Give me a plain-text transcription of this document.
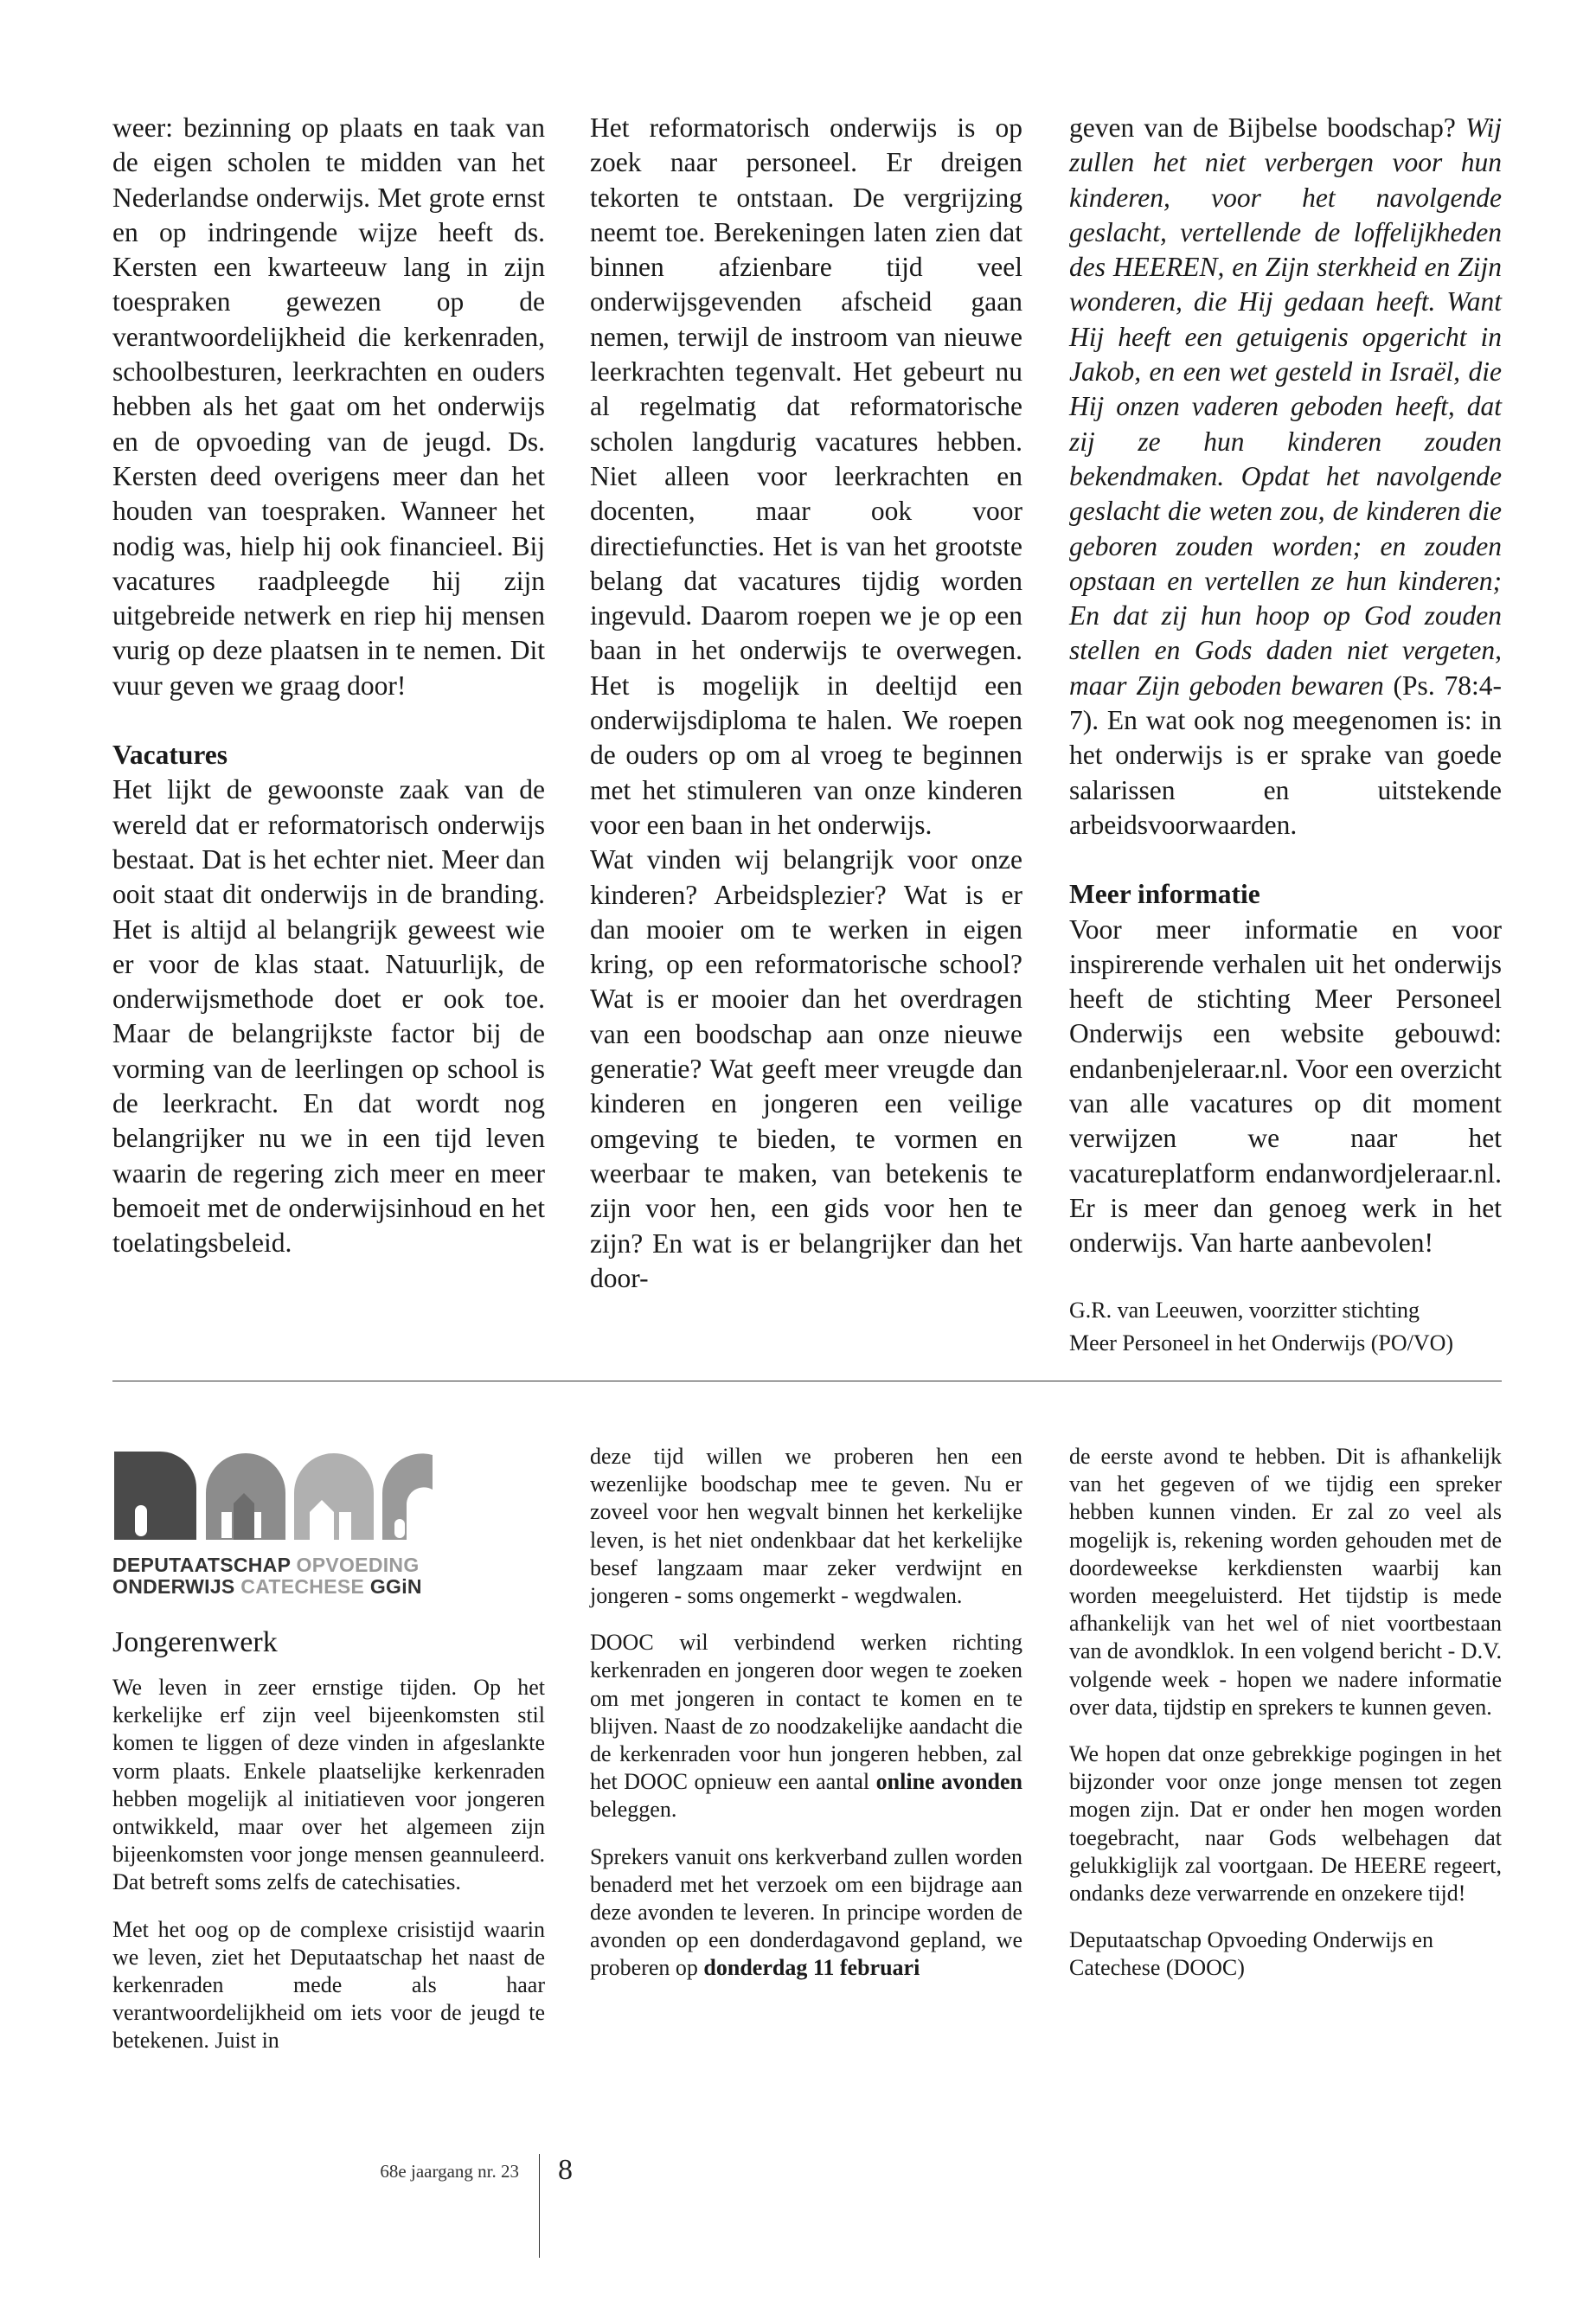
weer: bezinning op plaats en taak van de eigen scholen te midden van het Nederlandse onderwijs. Met grote ernst en op indringende wijze heeft ds. Kersten een kwarteeuw lang in zijn toespraken gewezen op de verantwoordelijkheid die kerkenraden, schoolbesturen, leerkrachten en ouders hebben als het gaat om het onderwijs en de opvoeding van de jeugd. Ds. Kersten deed overigens meer dan het houden van toespraken. Wanneer het nodig was, hielp hij ook financieel. Bij vacatures raadpleegde hij zijn uitgebreide netwerk en riep hij mensen vurig op deze plaatsen in te nemen. Dit vuur geven we graag door!

Vacatures

Het lijkt de gewoonste zaak van de wereld dat er reformatorisch onderwijs bestaat. Dat is het echter niet. Meer dan ooit staat dit onderwijs in de branding. Het is altijd al belangrijk geweest wie er voor de klas staat. Natuurlijk, de onderwijsmethode doet er ook toe. Maar de belangrijkste factor bij de vorming van de leerlingen op school is de leerkracht. En dat wordt nog belangrijker nu we in een tijd leven waarin de regering zich meer en meer bemoeit met de onderwijsinhoud en het toelatingsbeleid.

Het reformatorisch onderwijs is op zoek naar personeel. Er dreigen tekorten te ontstaan. De vergrijzing neemt toe. Berekeningen laten zien dat binnen afzienbare tijd veel onderwijsgevenden afscheid gaan nemen, terwijl de instroom van nieuwe leerkrachten tegenvalt. Het gebeurt nu al regelmatig dat reformatorische scholen langdurig vacatures hebben. Niet alleen voor leerkrachten en docenten, maar ook voor directiefuncties. Het is van het grootste belang dat vacatures tijdig worden ingevuld. Daarom roepen we je op een baan in het onderwijs te overwegen. Het is mogelijk in deeltijd een onderwijsdiploma te halen. We roepen de ouders op om al vroeg te beginnen met het stimuleren van onze kinderen voor een baan in het onderwijs.

Wat vinden wij belangrijk voor onze kinderen? Arbeidsplezier? Wat is er dan mooier om te werken in eigen kring, op een reformatorische school? Wat is er mooier dan het overdragen van een boodschap aan onze nieuwe generatie? Wat geeft meer vreugde dan kinderen en jongeren een veilige omgeving te bieden, te vormen en weerbaar te maken, van betekenis te zijn voor hen, een gids voor hen te zijn? En wat is er belangrijker dan het door-

geven van de Bijbelse boodschap? Wij zullen het niet verbergen voor hun kinderen, voor het navolgende geslacht, vertellende de loffelijkheden des HEEREN, en Zijn sterkheid en Zijn wonderen, die Hij gedaan heeft. Want Hij heeft een getuigenis opgericht in Jakob, en een wet gesteld in Israël, die Hij onzen vaderen geboden heeft, dat zij ze hun kinderen zouden bekendmaken. Opdat het navolgende geslacht die weten zou, de kinderen die geboren zouden worden; en zouden opstaan en vertellen ze hun kinderen; En dat zij hun hoop op God zouden stellen en Gods daden niet vergeten, maar Zijn geboden bewaren (Ps. 78:4-7). En wat ook nog meegenomen is: in het onderwijs is er sprake van goede salarissen en uitstekende arbeidsvoorwaarden.

Meer informatie

Voor meer informatie en voor inspirerende verhalen uit het onderwijs heeft de stichting Meer Personeel Onderwijs een website gebouwd: endanbenjeleraar.nl. Voor een overzicht van alle vacatures op dit moment verwijzen we naar het vacatureplatform endanwordjeleraar.nl. Er is meer dan genoeg werk in het onderwijs. Van harte aanbevolen!

G.R. van Leeuwen, voorzitter stichting
Meer Personeel in het Onderwijs (PO/VO)
DEPUTAATSCHAP OPVOEDING
ONDERWIJS CATECHESE GGiN
Jongerenwerk

We leven in zeer ernstige tijden. Op het kerkelijke erf zijn veel bijeenkomsten stil komen te liggen of deze vinden in afgeslankte vorm plaats. Enkele plaatselijke kerkenraden hebben mogelijk al initiatieven voor jongeren ontwikkeld, maar over het algemeen zijn bijeenkomsten voor jonge mensen geannuleerd. Dat betreft soms zelfs de catechisaties.

Met het oog op de complexe crisistijd waarin we leven, ziet het Deputaatschap het naast de kerkenraden mede als haar verantwoordelijkheid om iets voor de jeugd te betekenen. Juist in

deze tijd willen we proberen hen een wezenlijke boodschap mee te geven. Nu er zoveel voor hen wegvalt binnen het kerkelijke leven, is het niet ondenkbaar dat het kerkelijke besef langzaam maar zeker verdwijnt en jongeren - soms ongemerkt - wegdwalen.

DOOC wil verbindend werken richting kerkenraden en jongeren door wegen te zoeken om met jongeren in contact te komen en te blijven. Naast de zo noodzakelijke aandacht die de kerkenraden voor hun jongeren hebben, zal het DOOC opnieuw een aantal online avonden beleggen.

Sprekers vanuit ons kerkverband zullen worden benaderd met het verzoek om een bijdrage aan deze avonden te leveren. In principe worden de avonden op een donderdagavond gepland, we proberen op donderdag 11 februari

de eerste avond te hebben. Dit is afhankelijk van het gegeven of we tijdig een spreker hebben kunnen vinden. Er zal zo veel als mogelijk is, rekening worden gehouden met de doordeweekse kerkdiensten waarbij kan worden meegeluisterd. Het tijdstip is mede afhankelijk van het wel of niet voortbestaan van de avondklok. In een volgend bericht - D.V. volgende week - hopen we nadere informatie over data, tijdstip en sprekers te kunnen geven.

We hopen dat onze gebrekkige pogingen in het bijzonder voor onze jonge mensen tot zegen mogen zijn. Dat er onder hen mogen worden toegebracht, naar Gods welbehagen dat gelukkiglijk zal voortgaan. De HEERE regeert, ondanks deze verwarrende en onzekere tijd!

Deputaatschap Opvoeding Onderwijs en Catechese (DOOC)

68e jaargang nr. 23 8
